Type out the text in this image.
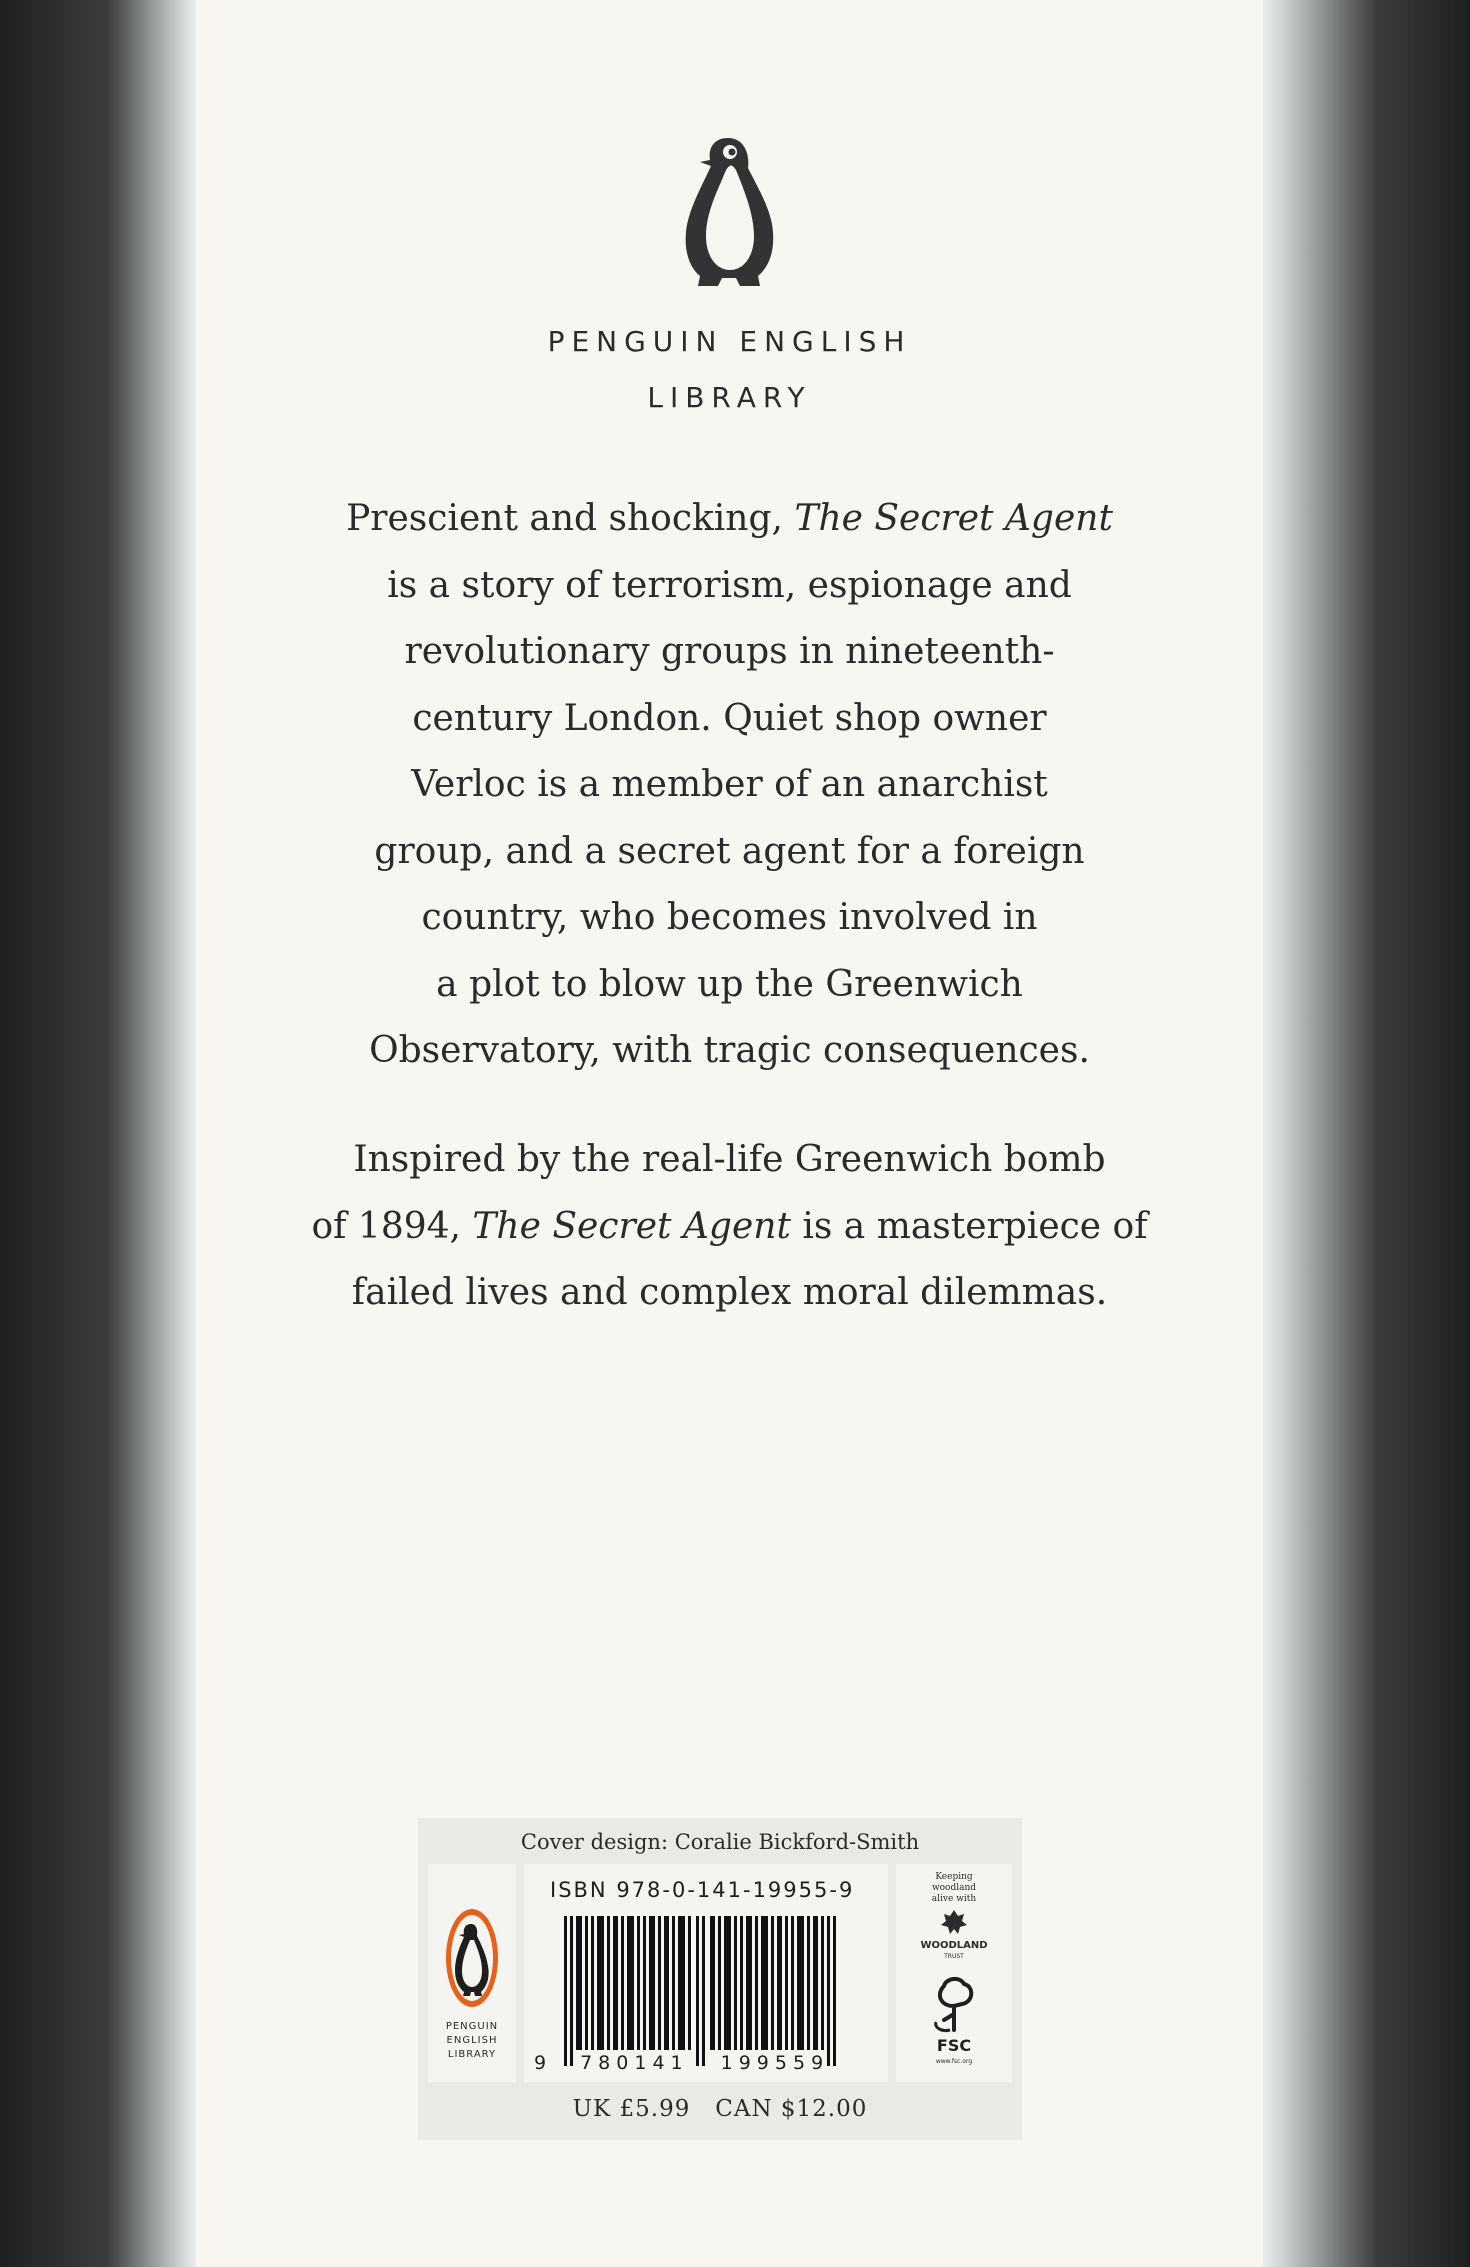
PENGUIN ENGLISH
LIBRARY
Prescient and shocking, The Secret Agent
is a story of terrorism, espionage and
revolutionary groups in nineteenth-
century London. Quiet shop owner
Verloc is a member of an anarchist
group, and a secret agent for a foreign
country, who becomes involved in
a plot to blow up the Greenwich
Observatory, with tragic consequences.
Inspired by the real-life Greenwich bomb
of 1894, The Secret Agent is a masterpiece of
failed lives and complex moral dilemmas.
Cover design: Coralie Bickford-Smith
PENGUIN
ENGLISH
LIBRARY
ISBN 978-0-141-19955-9
9 780141 199559
Keeping
woodland
alive with
WOODLAND
TRUST
FSC
www.fsc.org
UK £5.99   CAN $12.00
